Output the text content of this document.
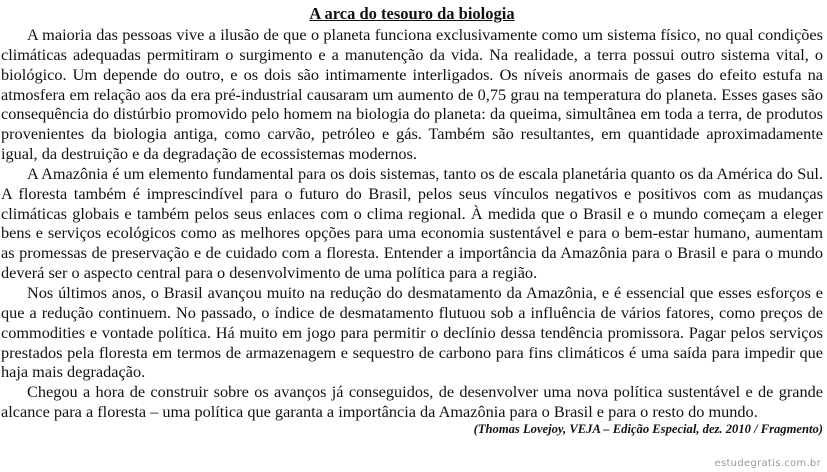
A arca do tesouro da biologia

A maioria das pessoas vive a ilusão de que o planeta funciona exclusivamente como um sistema físico, no qual condições climáticas adequadas permitiram o surgimento e a manutenção da vida. Na realidade, a terra possui outro sistema vital, o biológico. Um depende do outro, e os dois são intimamente interligados. Os níveis anormais de gases do efeito estufa na atmosfera em relação aos da era pré-industrial causaram um aumento de 0,75 grau na temperatura do planeta. Esses gases são consequência do distúrbio promovido pelo homem na biologia do planeta: da queima, simultânea em toda a terra, de produtos provenientes da biologia antiga, como carvão, petróleo e gás. Também são resultantes, em quantidade aproximadamente igual, da destruição e da degradação de ecossistemas modernos.

A Amazônia é um elemento fundamental para os dois sistemas, tanto os de escala planetária quanto os da América do Sul. A floresta também é imprescindível para o futuro do Brasil, pelos seus vínculos negativos e positivos com as mudanças climáticas globais e também pelos seus enlaces com o clima regional. À medida que o Brasil e o mundo começam a eleger bens e serviços ecológicos como as melhores opções para uma economia sustentável e para o bem-estar humano, aumentam as promessas de preservação e de cuidado com a floresta. Entender a importância da Amazônia para o Brasil e para o mundo deverá ser o aspecto central para o desenvolvimento de uma política para a região.

Nos últimos anos, o Brasil avançou muito na redução do desmatamento da Amazônia, e é essencial que esses esforços e que a redução continuem. No passado, o índice de desmatamento flutuou sob a influência de vários fatores, como preços de commodities e vontade política. Há muito em jogo para permitir o declínio dessa tendência promissora. Pagar pelos serviços prestados pela floresta em termos de armazenagem e sequestro de carbono para fins climáticos é uma saída para impedir que haja mais degradação.

Chegou a hora de construir sobre os avanços já conseguidos, de desenvolver uma nova política sustentável e de grande alcance para a floresta – uma política que garanta a importância da Amazônia para o Brasil e para o resto do mundo.

(Thomas Lovejoy, VEJA – Edição Especial, dez. 2010 / Fragmento)
estudegratis.com.br
